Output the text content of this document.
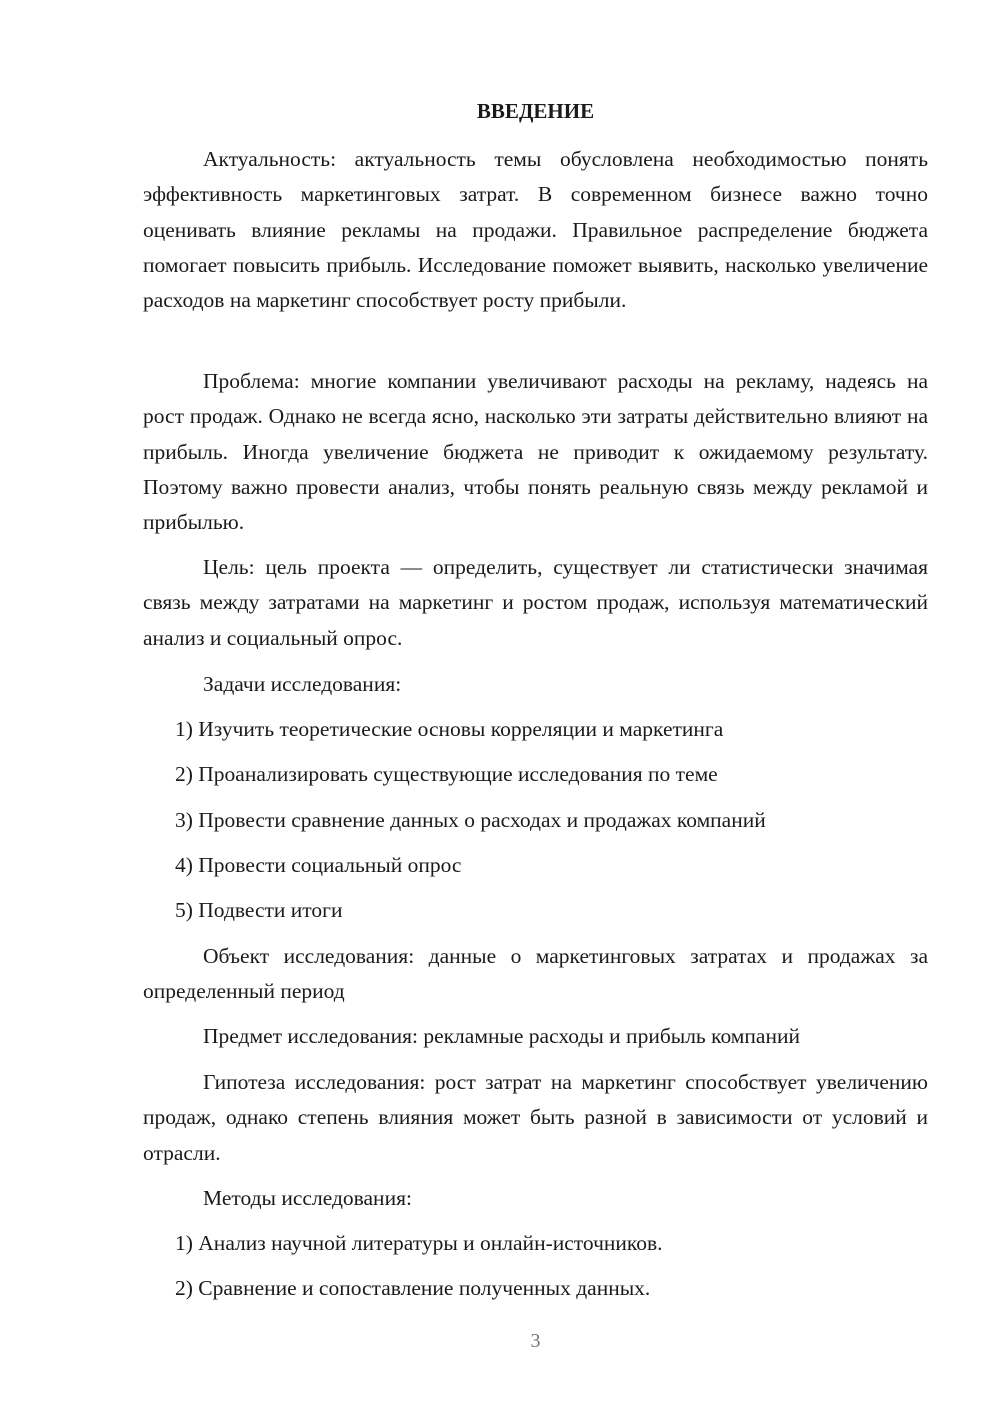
ВВЕДЕНИЕ

Актуальность: актуальность темы обусловлена необходимостью понять эффективность маркетинговых затрат. В современном бизнесе важно точно оценивать влияние рекламы на продажи. Правильное распределение бюджета помогает повысить прибыль. Исследование поможет выявить, насколько увеличение расходов на маркетинг способствует росту прибыли.

Проблема: многие компании увеличивают расходы на рекламу, надеясь на рост продаж. Однако не всегда ясно, насколько эти затраты действительно влияют на прибыль. Иногда увеличение бюджета не приводит к ожидаемому результату. Поэтому важно провести анализ, чтобы понять реальную связь между рекламой и прибылью.

Цель: цель проекта — определить, существует ли статистически значимая связь между затратами на маркетинг и ростом продаж, используя математический анализ и социальный опрос.

Задачи исследования:

1) Изучить теоретические основы корреляции и маркетинга

2) Проанализировать существующие исследования по теме

3) Провести сравнение данных о расходах и продажах компаний

4) Провести социальный опрос

5) Подвести итоги

Объект исследования: данные о маркетинговых затратах и продажах за определенный период

Предмет исследования: рекламные расходы и прибыль компаний

Гипотеза исследования: рост затрат на маркетинг способствует увеличению продаж, однако степень влияния может быть разной в зависимости от условий и отрасли.

Методы исследования:

1) Анализ научной литературы и онлайн-источников.

2) Сравнение и сопоставление полученных данных.

3
